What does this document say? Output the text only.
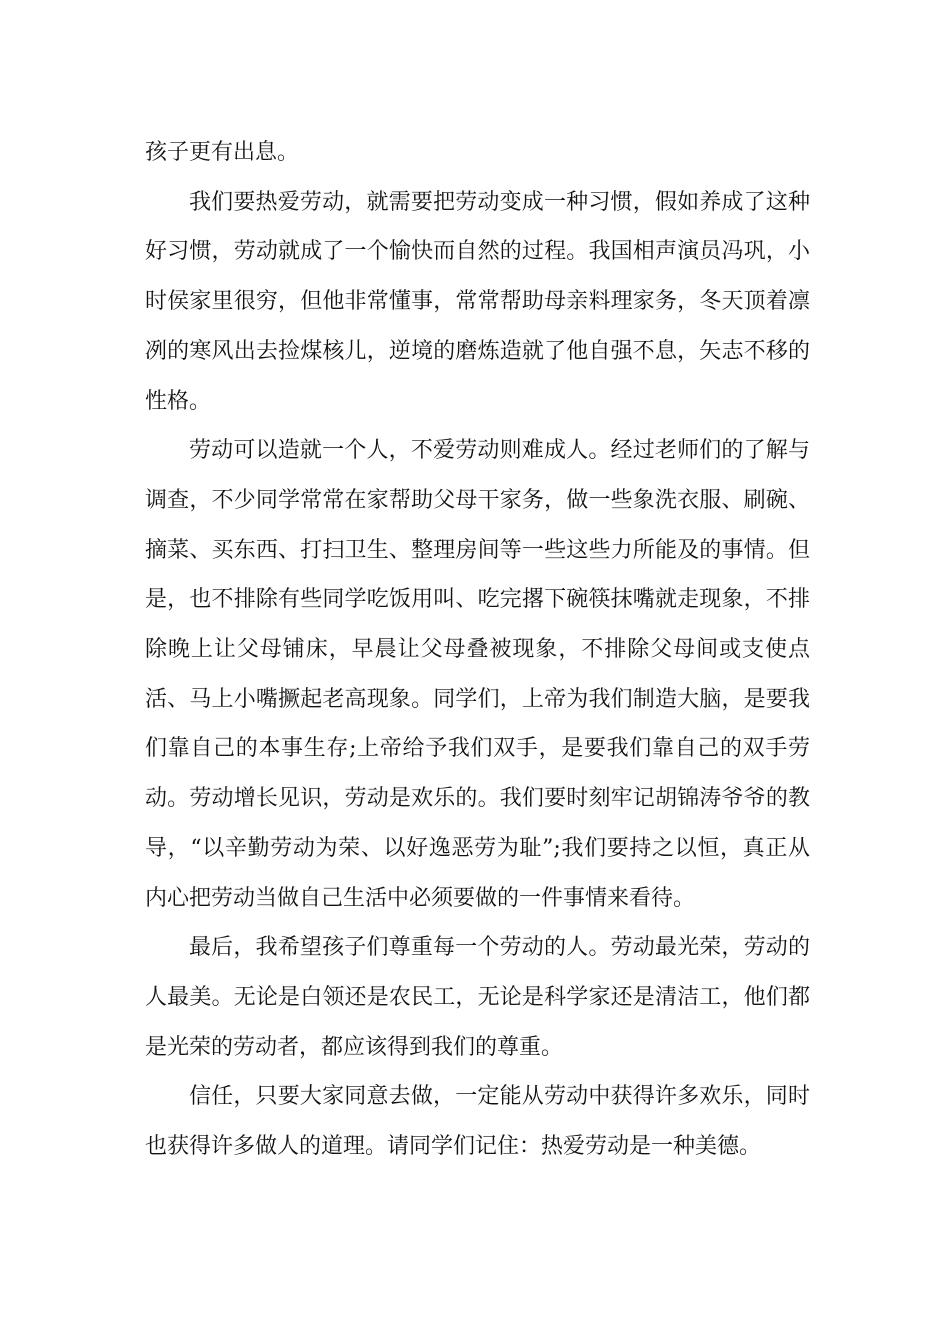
孩子更有出息。

我们要热爱劳动，就需要把劳动变成一种习惯，假如养成了这种好习惯，劳动就成了一个愉快而自然的过程。我国相声演员冯巩，小时侯家里很穷，但他非常懂事，常常帮助母亲料理家务，冬天顶着凛冽的寒风出去捡煤核儿，逆境的磨炼造就了他自强不息，矢志不移的性格。

劳动可以造就一个人，不爱劳动则难成人。经过老师们的了解与调查，不少同学常常在家帮助父母干家务，做一些象洗衣服、刷碗、摘菜、买东西、打扫卫生、整理房间等一些这些力所能及的事情。但是，也不排除有些同学吃饭用叫、吃完撂下碗筷抹嘴就走现象，不排除晚上让父母铺床，早晨让父母叠被现象，不排除父母间或支使点活、马上小嘴撅起老高现象。同学们，上帝为我们制造大脑，是要我们靠自己的本事生存;上帝给予我们双手，是要我们靠自己的双手劳动。劳动增长见识，劳动是欢乐的。我们要时刻牢记胡锦涛爷爷的教导，“以辛勤劳动为荣、以好逸恶劳为耻”;我们要持之以恒，真正从内心把劳动当做自己生活中必须要做的一件事情来看待。

最后，我希望孩子们尊重每一个劳动的人。劳动最光荣，劳动的人最美。无论是白领还是农民工，无论是科学家还是清洁工，他们都是光荣的劳动者，都应该得到我们的尊重。

信任，只要大家同意去做，一定能从劳动中获得许多欢乐，同时也获得许多做人的道理。请同学们记住：热爱劳动是一种美德。
